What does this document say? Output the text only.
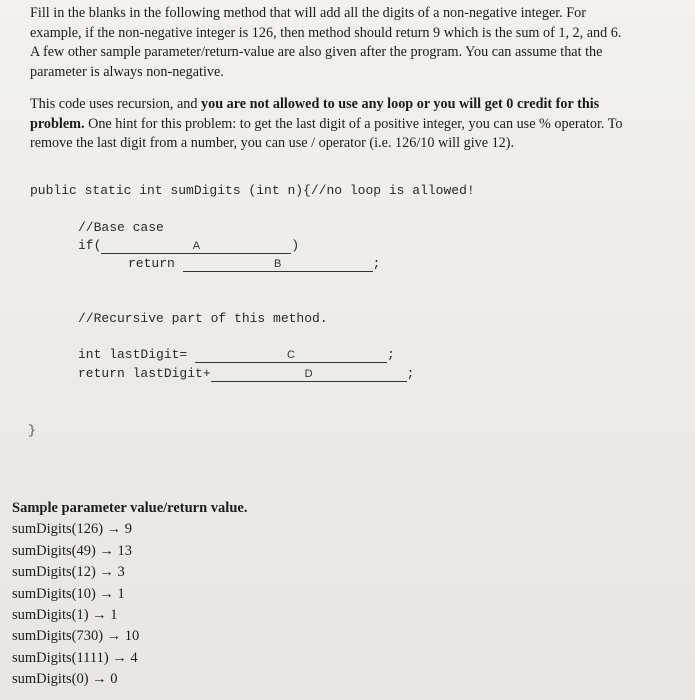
Fill in the blanks in the following method that will add all the digits of a non-negative integer. For
example, if the non-negative integer is 126, then method should return 9 which is the sum of 1, 2, and 6.
A few other sample parameter/return-value are also given after the program. You can assume that the
parameter is always non-negative.
This code uses recursion, and you are not allowed to use any loop or you will get 0 credit for this
problem. One hint for this problem: to get the last digit of a positive integer, you can use % operator. To
remove the last digit from a number, you can use / operator (i.e. 126/10 will give 12).
public static int sumDigits (int n){//no loop is allowed!
//Base case
if(	A	)
return	B	;
//Recursive part of this method.
int lastDigit=	C	;
return lastDigit+	D	;
}
Sample parameter value/return value.
sumDigits(126) → 9
sumDigits(49) → 13
sumDigits(12) → 3
sumDigits(10) → 1
sumDigits(1) → 1
sumDigits(730) → 10
sumDigits(1111) → 4
sumDigits(0) → 0
